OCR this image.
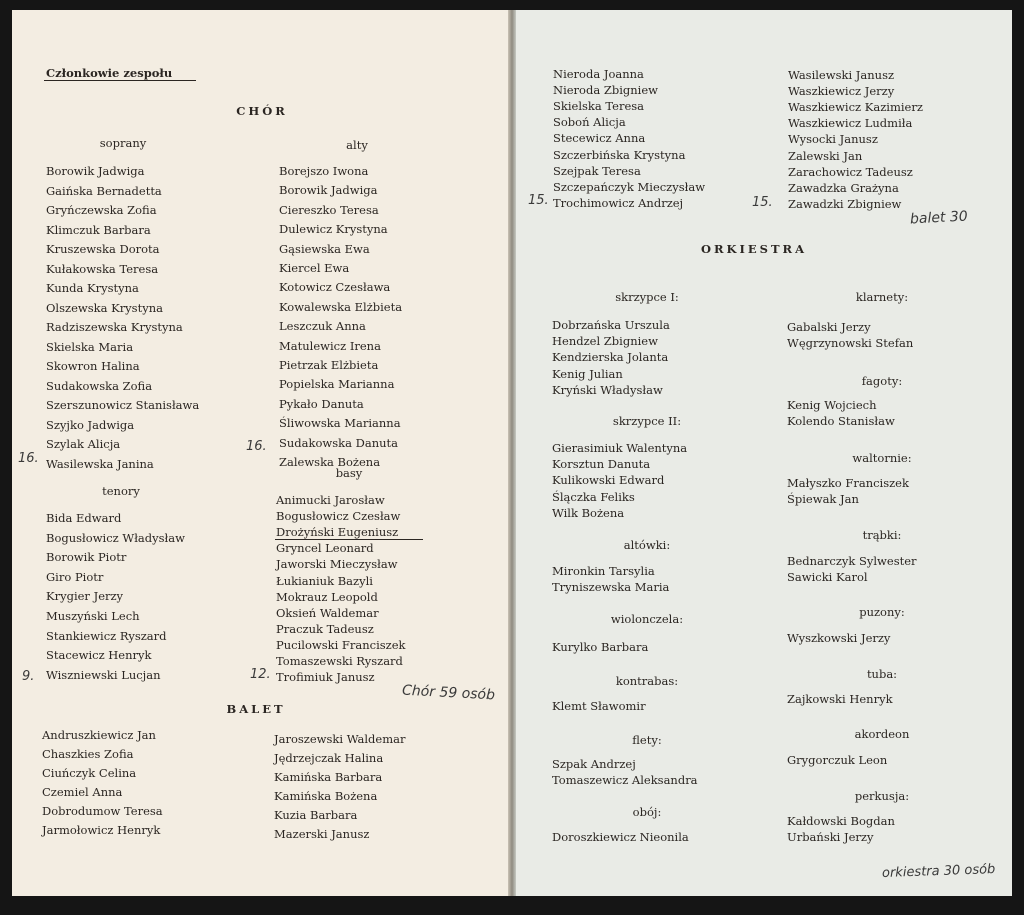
Członkowie zespołu
CHÓR
soprany
Borowik Jadwiga
Gaińska Bernadetta
Gryńczewska Zofia
Klimczuk Barbara
Kruszewska Dorota
Kułakowska Teresa
Kunda Krystyna
Olszewska Krystyna
Radziszewska Krystyna
Skielska Maria
Skowron Halina
Sudakowska Zofia
Szerszunowicz Stanisława
Szyjko Jadwiga
Szylak Alicja
Wasilewska Janina
alty
Borejszo Iwona
Borowik Jadwiga
Ciereszko Teresa
Dulewicz Krystyna
Gąsiewska Ewa
Kiercel Ewa
Kotowicz Czesława
Kowalewska Elżbieta
Leszczuk Anna
Matulewicz Irena
Pietrzak Elżbieta
Popielska Marianna
Pykało Danuta
Śliwowska Marianna
Sudakowska Danuta
Zalewska Bożena
tenory
Bida Edward
Bogusłowicz Władysław
Borowik Piotr
Giro Piotr
Krygier Jerzy
Muszyński Lech
Stankiewicz Ryszard
Stacewicz Henryk
Wiszniewski Lucjan
basy
Animucki Jarosław
Bogusłowicz Czesław
Drożyński Eugeniusz
Gryncel Leonard
Jaworski Mieczysław
Łukianiuk Bazyli
Mokrauz Leopold
Oksień Waldemar
Praczuk Tadeusz
Pucilowski Franciszek
Tomaszewski Ryszard
Trofimiuk Janusz
BALET
Andruszkiewicz Jan
Chaszkies Zofia
Ciuńczyk Celina
Czemiel Anna
Dobrodumow Teresa
Jarmołowicz Henryk
Jaroszewski Waldemar
Jędrzejczak Halina
Kamińska Barbara
Kamińska Bożena
Kuzia Barbara
Mazerski Janusz
Nieroda Joanna
Nieroda Zbigniew
Skielska Teresa
Soboń Alicja
Stecewicz Anna
Szczerbińska Krystyna
Szejpak Teresa
Szczepańczyk Mieczysław
Trochimowicz Andrzej
Wasilewski Janusz
Waszkiewicz Jerzy
Waszkiewicz Kazimierz
Waszkiewicz Ludmiła
Wysocki Janusz
Zalewski Jan
Zarachowicz Tadeusz
Zawadzka Grażyna
Zawadzki Zbigniew
ORKIESTRA
skrzypce I:
Dobrzańska Urszula
Hendzel Zbigniew
Kendzierska Jolanta
Kenig Julian
Kryński Władysław
skrzypce II:
Gierasimiuk Walentyna
Korsztun Danuta
Kulikowski Edward
Ślączka Feliks
Wilk Bożena
altówki:
Mironkin Tarsylia
Tryniszewska Maria
wiolonczela:
Kurylko Barbara
kontrabas:
Klemt Sławomir
flety:
Szpak Andrzej
Tomaszewicz Aleksandra
obój:
Doroszkiewicz Nieonila
klarnety:
Gabalski Jerzy
Węgrzynowski Stefan
fagoty:
Kenig Wojciech
Kolendo Stanisław
waltornie:
Małyszko Franciszek
Śpiewak Jan
trąbki:
Bednarczyk Sylwester
Sawicki Karol
puzony:
Wyszkowski Jerzy
tuba:
Zajkowski Henryk
akordeon
Grygorczuk Leon
perkusja:
Kałdowski Bogdan
Urbański Jerzy
16.
16.
9.	12.
Chór 59 osób
15.	15.
balet 30
orkiestra 30 osób
